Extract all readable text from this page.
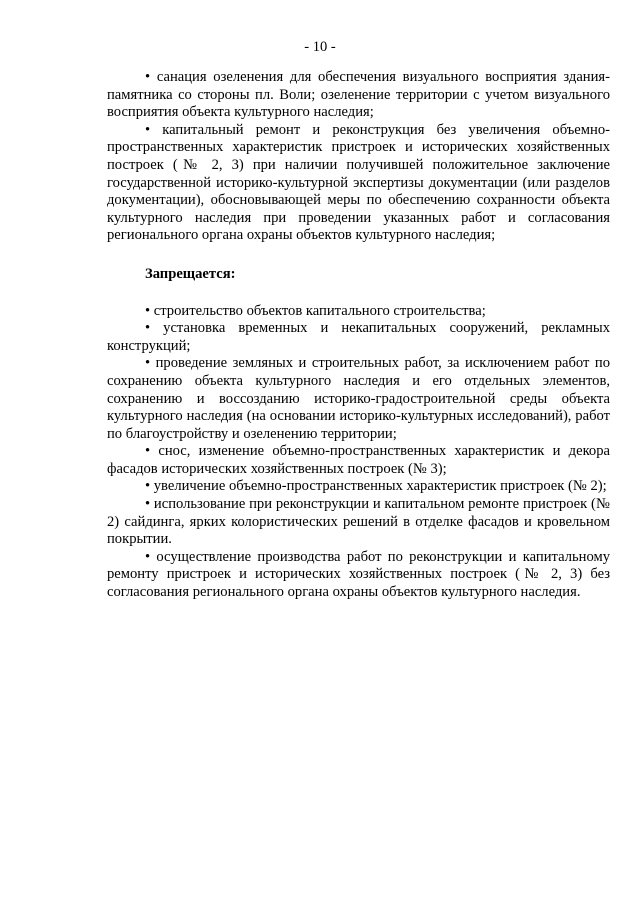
- 10 -

• санация озеленения для обеспечения визуального восприятия здания-памятника со стороны пл. Воли; озеленение территории с учетом визуального восприятия объекта культурного наследия;

• капитальный ремонт и реконструкция без увеличения объемно-пространственных характеристик пристроек и исторических хозяйственных построек (№ 2, 3) при наличии получившей положительное заключение государственной историко-культурной экспертизы документации (или разделов документации), обосновывающей меры по обеспечению сохранности объекта культурного наследия при проведении указанных работ и согласования регионального органа охраны объектов культурного наследия;

Запрещается:

• строительство объектов капитального строительства;

• установка временных и некапитальных сооружений, рекламных конструкций;

• проведение земляных и строительных работ, за исключением работ по сохранению объекта культурного наследия и его отдельных элементов, сохранению и воссозданию историко-градостроительной среды объекта культурного наследия (на основании историко-культурных исследований), работ по благоустройству и озеленению территории;

• снос, изменение объемно-пространственных характеристик и декора фасадов исторических хозяйственных построек (№ 3);

• увеличение объемно-пространственных характеристик пристроек (№ 2);

• использование при реконструкции и капитальном ремонте пристроек (№ 2) сайдинга, ярких колористических решений в отделке фасадов и кровельном покрытии.

• осуществление производства работ по реконструкции и капитальному ремонту пристроек и исторических хозяйственных построек (№ 2, 3) без согласования регионального органа охраны объектов культурного наследия.
